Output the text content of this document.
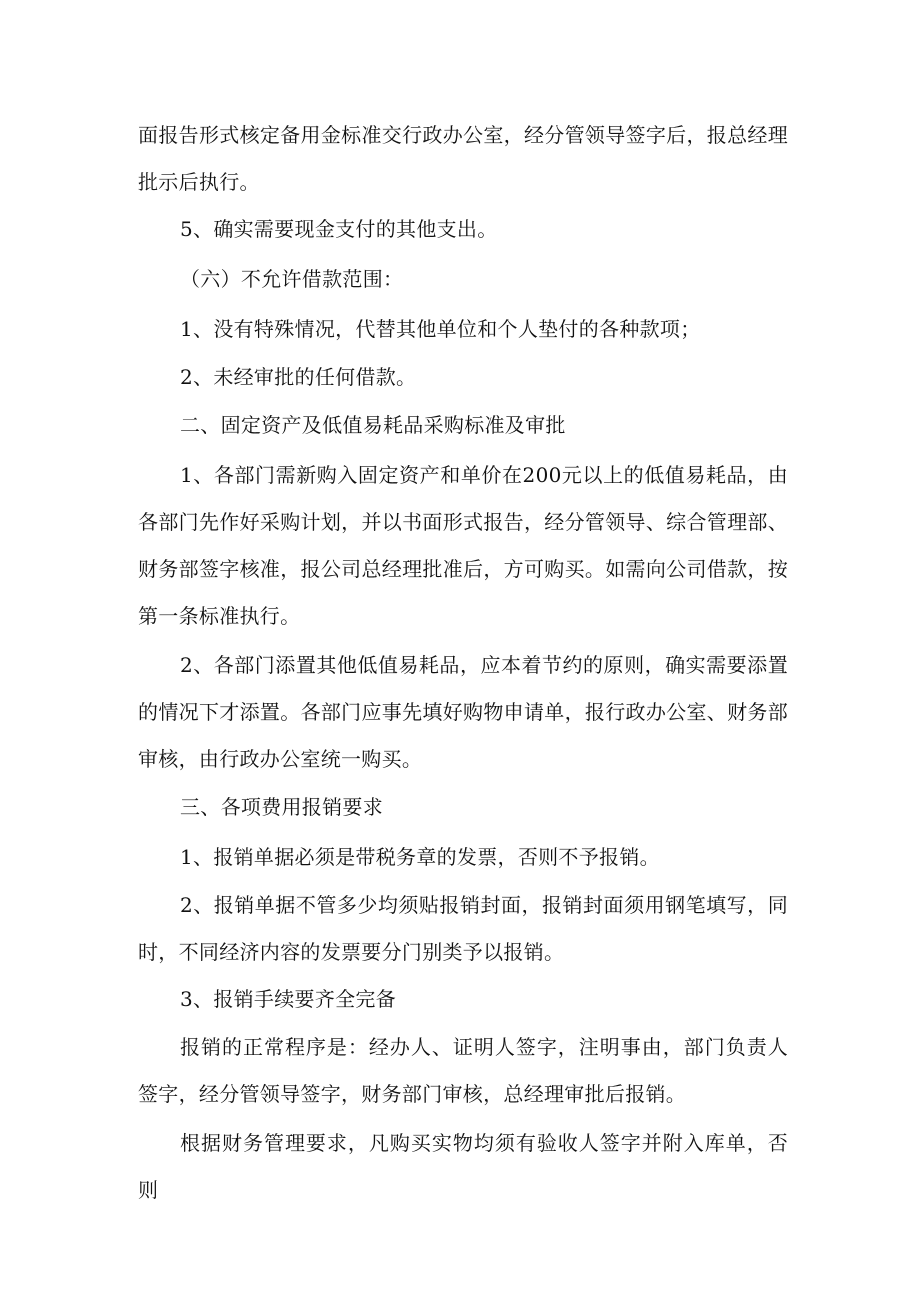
面报告形式核定备用金标准交行政办公室，经分管领导签字后，报总经理批示后执行。

5、确实需要现金支付的其他支出。

（六）不允许借款范围：

1、没有特殊情况，代替其他单位和个人垫付的各种款项；

2、未经审批的任何借款。

二、固定资产及低值易耗品采购标准及审批

1、各部门需新购入固定资产和单价在200元以上的低值易耗品，由各部门先作好采购计划，并以书面形式报告，经分管领导、综合管理部、财务部签字核准，报公司总经理批准后，方可购买。如需向公司借款，按第一条标准执行。

2、各部门添置其他低值易耗品，应本着节约的原则，确实需要添置的情况下才添置。各部门应事先填好购物申请单，报行政办公室、财务部审核，由行政办公室统一购买。

三、各项费用报销要求

1、报销单据必须是带税务章的发票，否则不予报销。

2、报销单据不管多少均须贴报销封面，报销封面须用钢笔填写，同时，不同经济内容的发票要分门别类予以报销。

3、报销手续要齐全完备

报销的正常程序是：经办人、证明人签字，注明事由，部门负责人签字，经分管领导签字，财务部门审核，总经理审批后报销。

根据财务管理要求，凡购买实物均须有验收人签字并附入库单，否则
